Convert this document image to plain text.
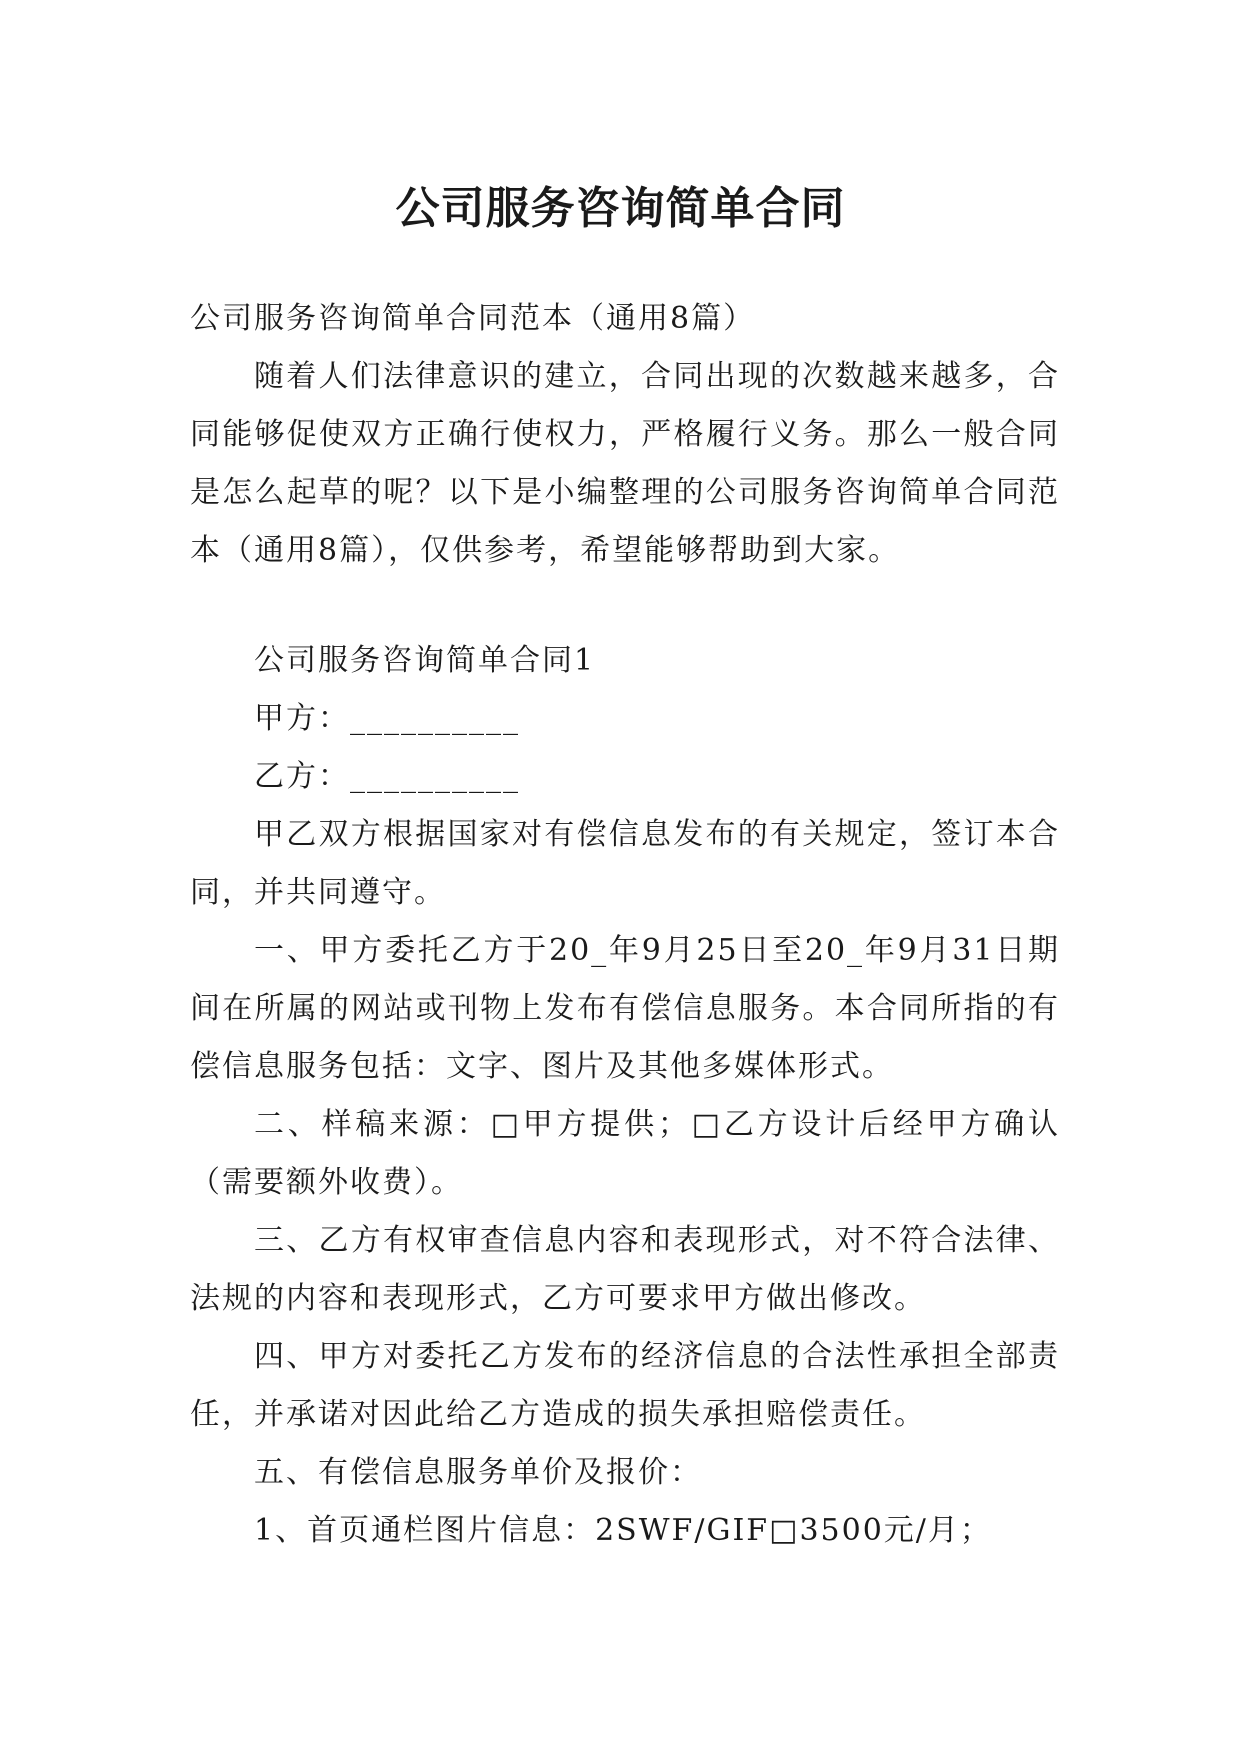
公司服务咨询简单合同

公司服务咨询简单合同范本（通用8篇）

随着人们法律意识的建立，合同出现的次数越来越多，合同能够促使双方正确行使权力，严格履行义务。那么一般合同是怎么起草的呢？以下是小编整理的公司服务咨询简单合同范本（通用8篇），仅供参考，希望能够帮助到大家。

公司服务咨询简单合同1

甲方：__________

乙方：__________

甲乙双方根据国家对有偿信息发布的有关规定，签订本合同，并共同遵守。

一、甲方委托乙方于20_年9月25日至20_年9月31日期间在所属的网站或刊物上发布有偿信息服务。本合同所指的有偿信息服务包括：文字、图片及其他多媒体形式。

二、样稿来源：□甲方提供；□乙方设计后经甲方确认（需要额外收费）。

三、乙方有权审查信息内容和表现形式，对不符合法律、法规的内容和表现形式，乙方可要求甲方做出修改。

四、甲方对委托乙方发布的经济信息的合法性承担全部责任，并承诺对因此给乙方造成的损失承担赔偿责任。

五、有偿信息服务单价及报价：

1、首页通栏图片信息：2SWF/GIF□3500元/月；
